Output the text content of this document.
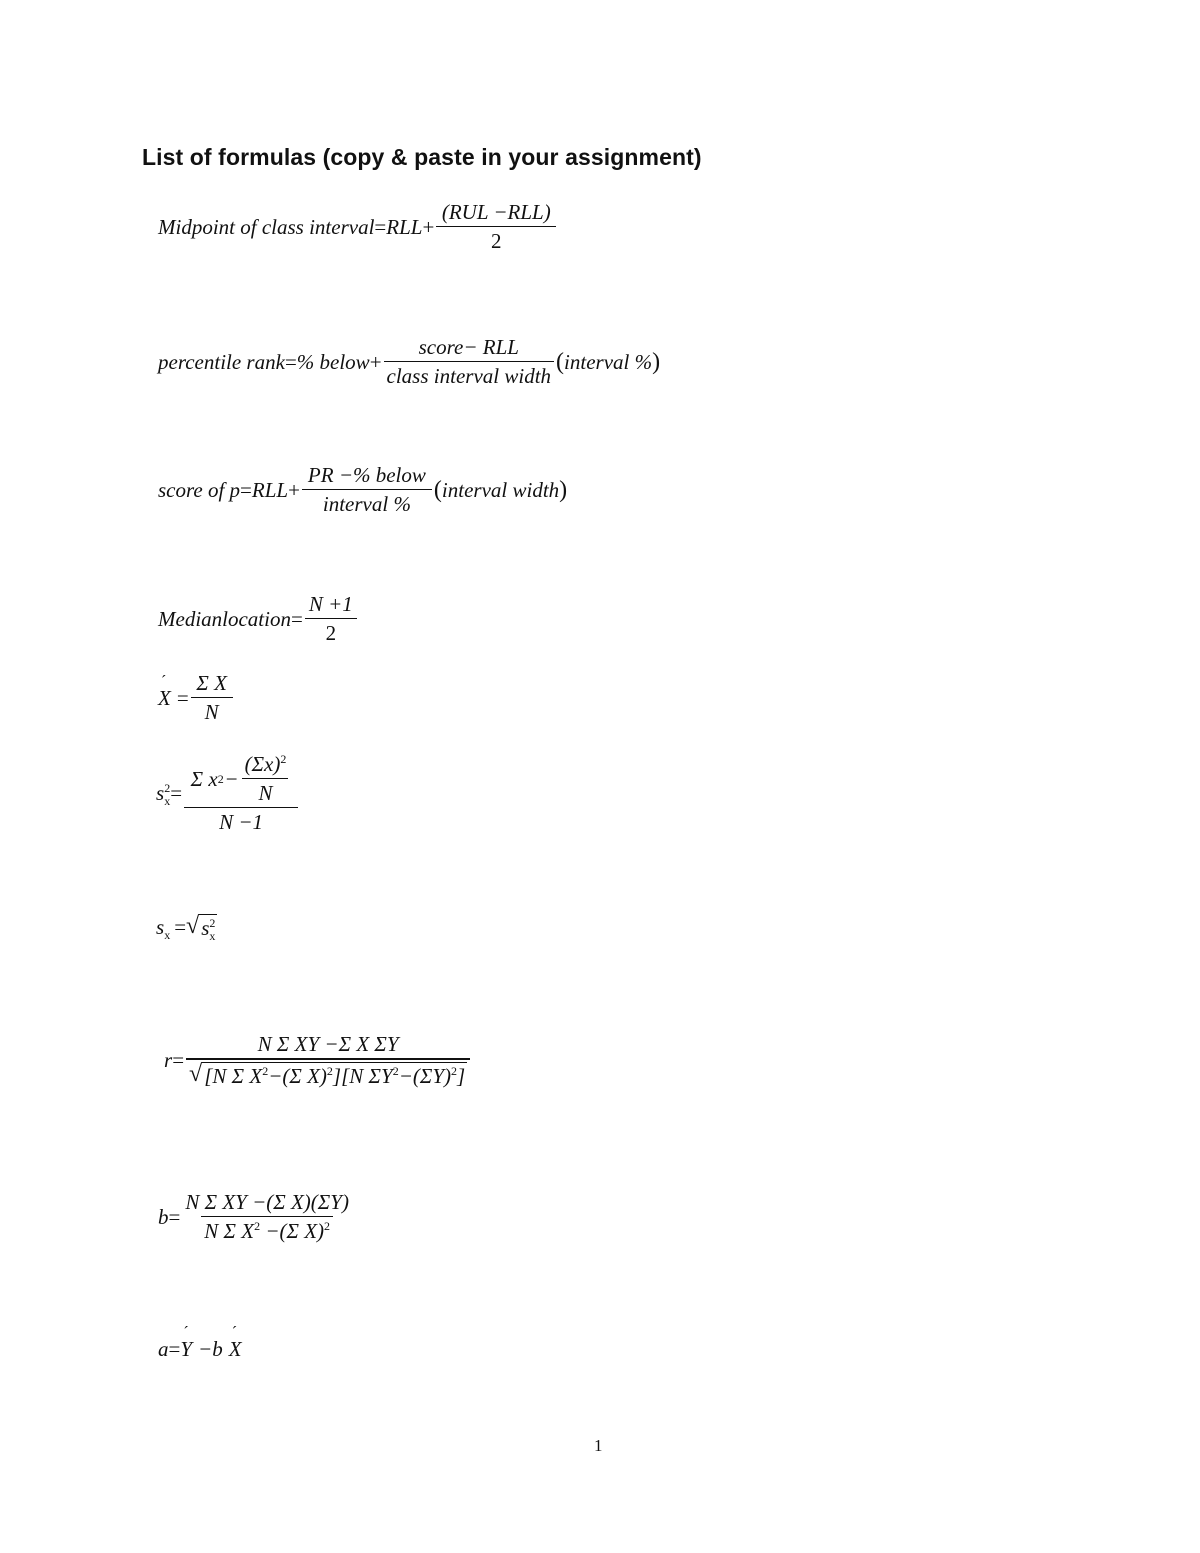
List of formulas (copy & paste in your assignment)
Midpoint of class interval = RLL + $\frac{\text{(RUL −RLL)}}{2}$
percentile rank = % below + $\frac{\text{score− RLL}}{\text{class interval width}}$ ( interval % )
score of p = RLL + $\frac{\text{PR −\% below}}{\text{interval \%}}$ ( interval width )
Medianlocation = $\frac{N +1}{2}$
´ $X = \frac{\text{Σ X}}{N}$
$s^2_x = \frac{\Sigma x 2 - \frac{(\Sigma x)^2}{N}}{N -1}$
$s_x$ = √ $s^2_x$
$r = \frac{\text{N Σ XY −Σ X ΣY}}{√ [N \Sigma X^2-(\Sigma X)^2][N \Sigma Y^2-(\Sigma Y)^2]}$
$b = \frac{\text{N Σ XY −(Σ X)(ΣY)}}{N \Sigma X^2 -(\Sigma X)^2}$
a = ´ Y −b ´ X
1
